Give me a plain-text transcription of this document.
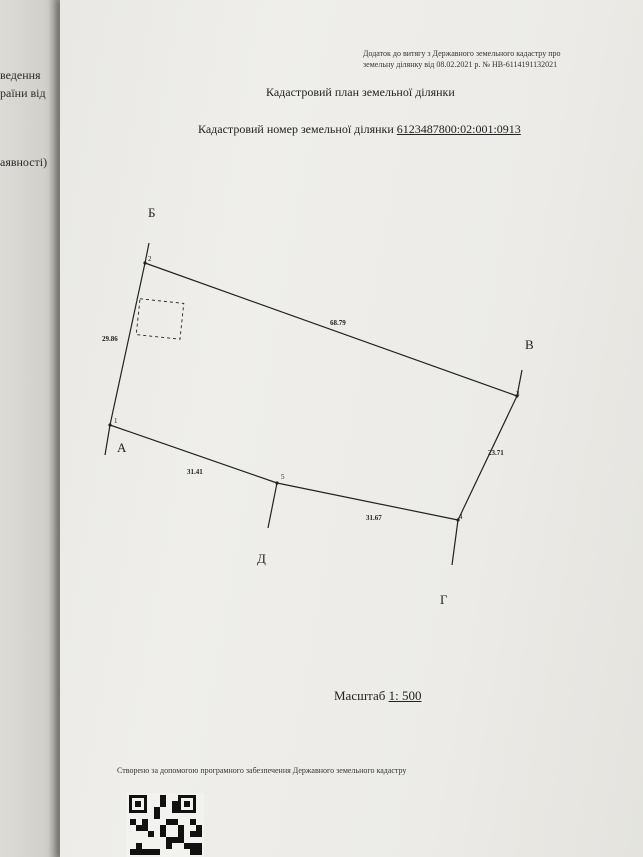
ведення
раїни від
аявності)
Додаток до витягу з Державного земельного кадастру про
земельну ділянку від 08.02.2021 р. № НВ-6114191132021
Кадастровий план земельної ділянки
Кадастровий номер земельної ділянки 6123487800:02:001:0913
1
2
3
4
5
29.86
68.79
23.71
31.67
31.41
Б
А
В
Г
Д
Масштаб 1: 500
Створено за допомогою програмного забезпечення Державного земельного кадастру
